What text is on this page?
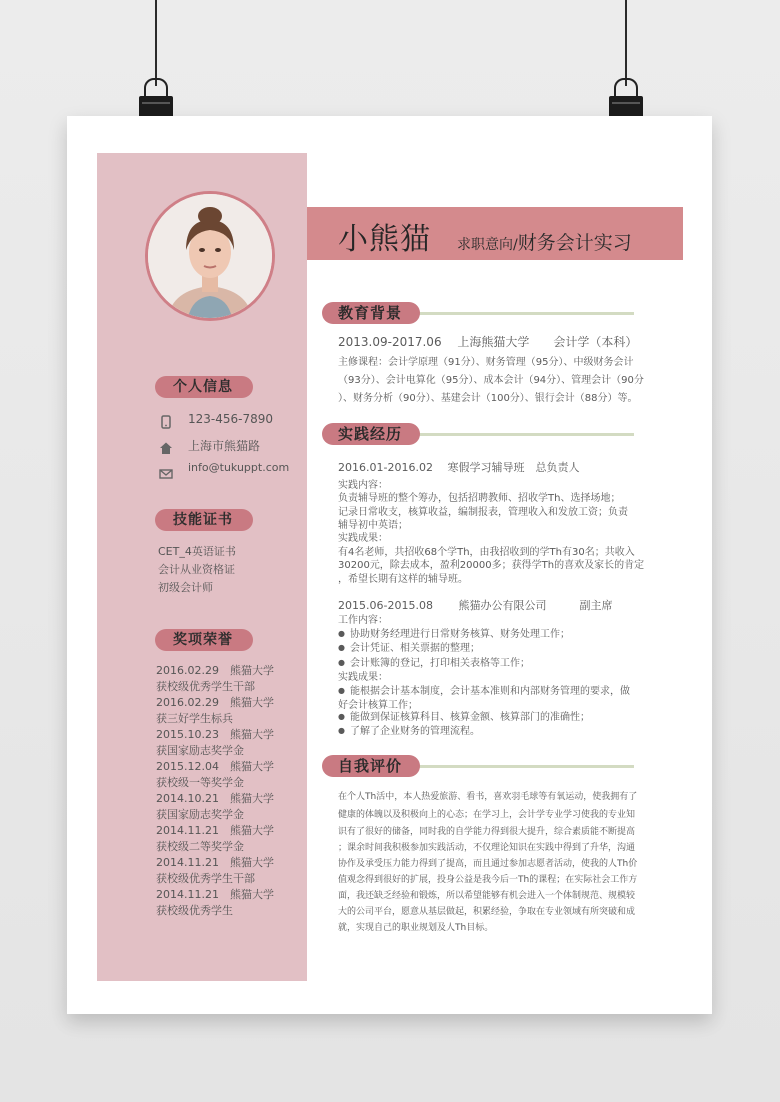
个人信息
123-456-7890
上海市熊猫路
info@tukuppt.com
技能证书
CET_4英语证书
会计从业资格证
初级会计师
奖项荣誉
2016.02.29　熊猫大学
获校级优秀学生干部
2016.02.29　熊猫大学
获三好学生标兵
2015.10.23　熊猫大学
获国家励志奖学金
2015.12.04　熊猫大学
获校级一等奖学金
2014.10.21　熊猫大学
获国家励志奖学金
2014.11.21　熊猫大学
获校级二等奖学金
2014.11.21　熊猫大学
获校级优秀学生干部
2014.11.21　熊猫大学
获校级优秀学生
小熊猫 求职意向/财务会计实习
教育背景
2013.09-2017.06　 上海熊猫大学　　会计学（本科）
主修课程：会计学原理（91分）、财务管理（95分）、中级财务会计
（93分）、会计电算化（95分）、成本会计（94分）、管理会计（90分
）、财务分析（90分）、基建会计（100分）、银行会计（88分）等。
实践经历
2016.01-2016.02　 寒假学习辅导班　总负责人
实践内容：
负责辅导班的整个筹办，包括招聘教师、招收学Th、选择场地；
记录日常收支，核算收益，编制报表，管理收入和发放工资；负责
辅导初中英语；
实践成果：
有4名老师，共招收68个学Th，由我招收到的学Th有30名；共收入
30200元，除去成本，盈利20000多；获得学Th的喜欢及家长的肯定
，希望长期有这样的辅导班。
2015.06-2015.08　　 熊猫办公有限公司　　　副主席
工作内容：
● 协助财务经理进行日常财务核算、财务处理工作；
● 会计凭证、相关票据的整理；
● 会计账簿的登记，打印相关表格等工作；
实践成果：
● 能根据会计基本制度，会计基本准则和内部财务管理的要求，做
好会计核算工作；
● 能做到保证核算科目、核算金额、核算部门的准确性；
● 了解了企业财务的管理流程。
自我评价
在个人Th活中，本人热爱旅游、看书，喜欢羽毛球等有氧运动，使我拥有了
健康的体魄以及积极向上的心态；在学习上，会计学专业学习使我的专业知
识有了很好的储备，同时我的自学能力得到很大提升，综合素质能不断提高
；课余时间我积极参加实践活动，不仅理论知识在实践中得到了升华，沟通
协作及承受压力能力得到了提高，而且通过参加志愿者活动，使我的人Th价
值观念得到很好的扩展，投身公益是我今后一Th的课程；在实际社会工作方
面，我还缺乏经验和锻炼，所以希望能够有机会进入一个体制规范、规模较
大的公司平台，愿意从基层做起，积累经验，争取在专业领域有所突破和成
就，实现自己的职业规划及人Th目标。
